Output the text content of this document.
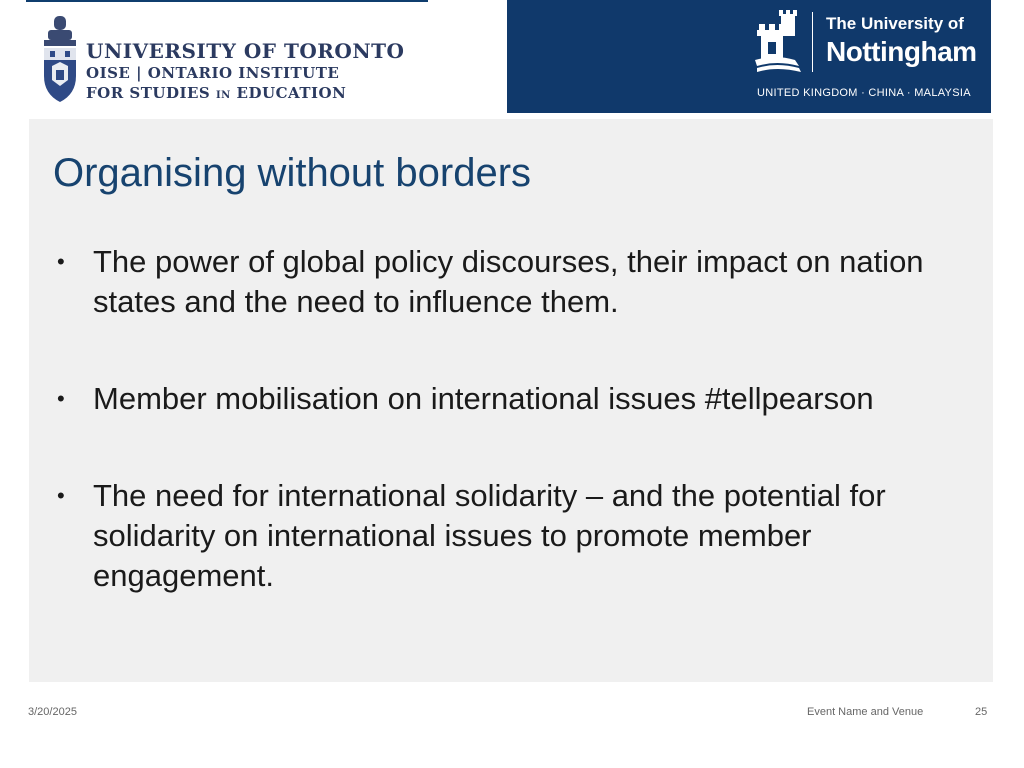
UNIVERSITY OF TORONTO
OISE | ONTARIO INSTITUTE
FOR STUDIES IN EDUCATION
The University of
Nottingham
UNITED KINGDOM · CHINA · MALAYSIA
Organising without borders
• The power of global policy discourses, their impact on nation states and the need to influence them.
• Member mobilisation on international issues #tellpearson
• The need for international solidarity – and the potential for solidarity on international issues to promote member engagement.
3/20/2025	Event Name and Venue	25
